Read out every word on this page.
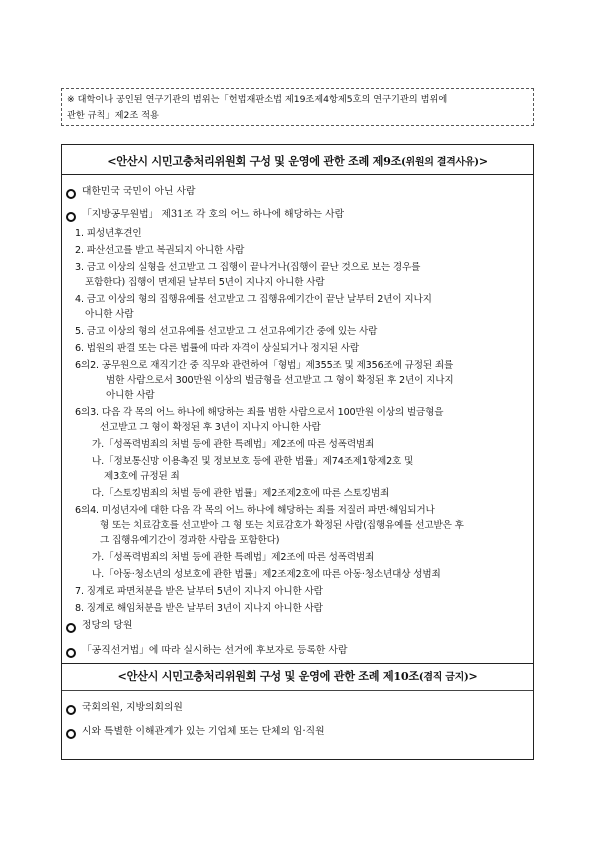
※ 대학이나 공인된 연구기관의 범위는「헌법재판소법 제19조제4항제5호의 연구기관의 범위에
관한 규칙」제2조 적용
<안산시 시민고충처리위원회 구성 및 운영에 관한 조례 제9조(위원의 결격사유)>
대한민국 국민이 아닌 사람
「지방공무원법」 제31조 각 호의 어느 하나에 해당하는 사람
1. 피성년후견인
2. 파산선고를 받고 복권되지 아니한 사람
3. 금고 이상의 실형을 선고받고 그 집행이 끝나거나(집행이 끝난 것으로 보는 경우를
포함한다) 집행이 면제된 날부터 5년이 지나지 아니한 사람
4. 금고 이상의 형의 집행유예를 선고받고 그 집행유예기간이 끝난 날부터 2년이 지나지
아니한 사람
5. 금고 이상의 형의 선고유예를 선고받고 그 선고유예기간 중에 있는 사람
6. 법원의 판결 또는 다른 법률에 따라 자격이 상실되거나 정지된 사람
6의2. 공무원으로 재직기간 중 직무와 관련하여「형법」제355조 및 제356조에 규정된 죄를
범한 사람으로서 300만원 이상의 벌금형을 선고받고 그 형이 확정된 후 2년이 지나지
아니한 사람
6의3. 다음 각 목의 어느 하나에 해당하는 죄를 범한 사람으로서 100만원 이상의 벌금형을
선고받고 그 형이 확정된 후 3년이 지나지 아니한 사람
가.「성폭력범죄의 처벌 등에 관한 특례법」제2조에 따른 성폭력범죄
나.「정보통신망 이용촉진 및 정보보호 등에 관한 법률」제74조제1항제2호 및
제3호에 규정된 죄
다.「스토킹범죄의 처벌 등에 관한 법률」제2조제2호에 따른 스토킹범죄
6의4. 미성년자에 대한 다음 각 목의 어느 하나에 해당하는 죄를 저질러 파면·해임되거나
형 또는 치료감호를 선고받아 그 형 또는 치료감호가 확정된 사람(집행유예를 선고받은 후
그 집행유예기간이 경과한 사람을 포함한다)
가.「성폭력범죄의 처벌 등에 관한 특례법」제2조에 따른 성폭력범죄
나.「아동·청소년의 성보호에 관한 법률」제2조제2호에 따른 아동·청소년대상 성범죄
7. 징계로 파면처분을 받은 날부터 5년이 지나지 아니한 사람
8. 징계로 해임처분을 받은 날부터 3년이 지나지 아니한 사람
정당의 당원
「공직선거법」에 따라 실시하는 선거에 후보자로 등록한 사람
<안산시 시민고충처리위원회 구성 및 운영에 관한 조례 제10조(겸직 금지)>
국회의원, 지방의회의원
시와 특별한 이해관계가 있는 기업체 또는 단체의 임·직원
